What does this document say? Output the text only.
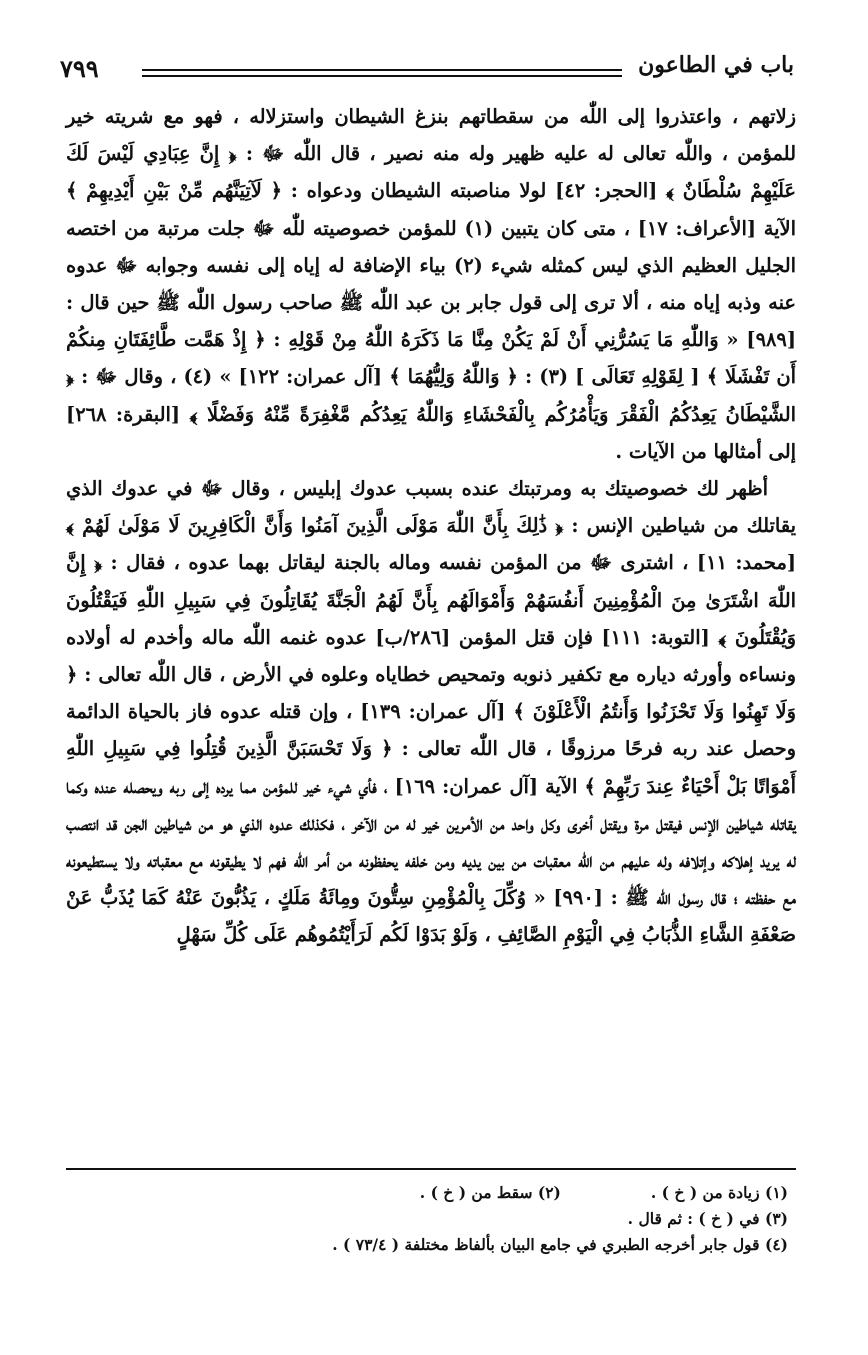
٧٩٩	باب في الطاعون

زلاتهم ، واعتذروا إلى اللّٰه من سقطاتهم بنزغ الشيطان واستزلاله ، فهو مع شريته خير للمؤمن ، واللّٰه تعالى له عليه ظهير وله منه نصير ، قال اللّٰه ﷻ : ﴿ إِنَّ عِبَادِي لَيْسَ لَكَ عَلَيْهِمْ سُلْطَانٌ ﴾ [الحجر: ٤٢] لولا مناصبته الشيطان ودعواه : ﴿ لَآتِيَنَّهُم مِّنْ بَيْنِ أَيْدِيهِمْ ﴾ الآية [الأعراف: ١٧] ، متى كان يتبين (١) للمؤمن خصوصيته للّٰه ﷻ جلت مرتبة من اختصه الجليل العظيم الذي ليس كمثله شيء (٢) بياء الإضافة له إياه إلى نفسه وجوابه ﷻ عدوه عنه وذبه إياه منه ، ألا ترى إلى قول جابر بن عبد اللّٰه ﷺ صاحب رسول اللّٰه ﷺ حين قال : [٩٨٩] « وَاللّٰهِ مَا يَسُرُّنِي أَنْ لَمْ يَكُنْ مِنَّا مَا ذَكَرَهُ اللّٰهُ مِنْ قَوْلِهِ : ﴿ إِذْ هَمَّت طَّائِفَتَانِ مِنكُمْ أَن تَفْشَلَا ﴾ [ لِقَوْلِهِ تَعَالَى ] (٣) : ﴿ وَاللّٰهُ وَلِيُّهُمَا ﴾ [آل عمران: ١٢٢] » (٤) ، وقال ﷻ : ﴿ الشَّيْطَانُ يَعِدُكُمُ الْفَقْرَ وَيَأْمُرُكُم بِالْفَحْشَاءِ وَاللّٰهُ يَعِدُكُم مَّغْفِرَةً مِّنْهُ وَفَضْلًا ﴾ [البقرة: ٢٦٨] إلى أمثالها من الآيات .

أظهر لك خصوصيتك به ومرتبتك عنده بسبب عدوك إبليس ، وقال ﷻ في عدوك الذي يقاتلك من شياطين الإنس : ﴿ ذَٰلِكَ بِأَنَّ اللّٰهَ مَوْلَى الَّذِينَ آمَنُوا وَأَنَّ الْكَافِرِينَ لَا مَوْلَىٰ لَهُمْ ﴾ [محمد: ١١] ، اشترى ﷻ من المؤمن نفسه وماله بالجنة ليقاتل بهما عدوه ، فقال : ﴿ إِنَّ اللّٰهَ اشْتَرَىٰ مِنَ الْمُؤْمِنِينَ أَنفُسَهُمْ وَأَمْوَالَهُم بِأَنَّ لَهُمُ الْجَنَّةَ يُقَاتِلُونَ فِي سَبِيلِ اللّٰهِ فَيَقْتُلُونَ وَيُقْتَلُونَ ﴾ [التوبة: ١١١] فإن قتل المؤمن [٢٨٦/ب] عدوه غنمه اللّٰه ماله وأخدم له أولاده ونساءه وأورثه دياره مع تكفير ذنوبه وتمحيص خطاياه وعلوه في الأرض ، قال اللّٰه تعالى : ﴿ وَلَا تَهِنُوا وَلَا تَحْزَنُوا وَأَنتُمُ الْأَعْلَوْنَ ﴾ [آل عمران: ١٣٩] ، وإن قتله عدوه فاز بالحياة الدائمة وحصل عند ربه فرحًا مرزوقًا ، قال اللّٰه تعالى : ﴿ وَلَا تَحْسَبَنَّ الَّذِينَ قُتِلُوا فِي سَبِيلِ اللّٰهِ أَمْوَاتًا بَلْ أَحْيَاءٌ عِندَ رَبِّهِمْ ﴾ الآية [آل عمران: ١٦٩] ، فأي شيء خير للمؤمن مما يرده إلى ربه ويحصله عنده وكما يقاتله شياطين الإنس فيقتل مرة ويقتل أخرى وكل واحد من الأمرين خير له من الآخر ، فكذلك عدوه الذي هو من شياطين الجن قد انتصب له يريد إهلاكه وإتلافه وله عليهم من اللّٰه معقبات من بين يديه ومن خلفه يحفظونه من أمر اللّٰه فهم لا يطيقونه مع معقباته ولا يستطيعونه مع حفظته ؛ قال رسول اللّٰه ﷺ : [٩٩٠] « وُكِّلَ بِالْمُؤْمِنِ سِتُّونَ ومِائَةُ مَلَكٍ ، يَذُبُّونَ عَنْهُ كَمَا يُذَبُّ عَنْ صَعْفَةِ الشَّاءِ الذُّبَابُ فِي الْيَوْمِ الصَّائِفِ ، وَلَوْ بَدَوْا لَكُم لَرَأَيْتُمُوهُم عَلَى كُلِّ سَهْلٍ

(١) زيادة من ( خ ) .

(٢) سقط من ( خ ) .

(٣) في ( خ ) : ثم قال .

(٤) قول جابر أخرجه الطبري في جامع البيان بألفاظ مختلفة ( ٧٣/٤ ) .
